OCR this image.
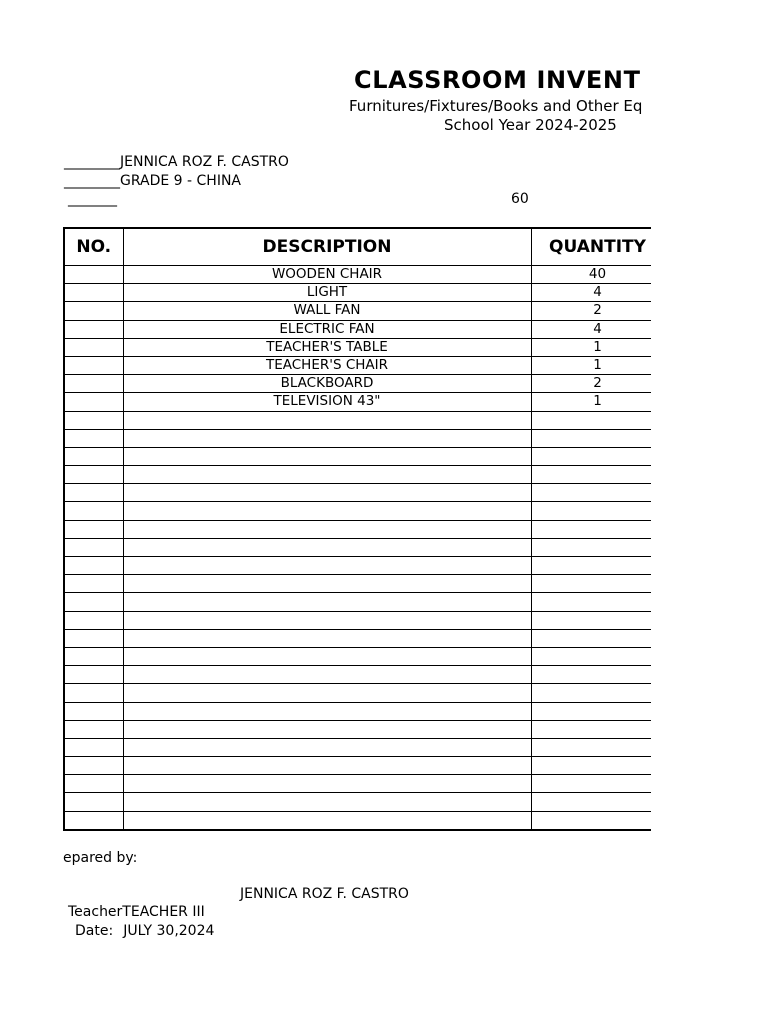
CLASSROOM INVENT
Furnitures/Fixtures/Books and Other Eq
School Year 2024-2025
________JENNICA ROZ F. CASTRO
________GRADE 9 - CHINA
_______	60
NO.	DESCRIPTION	QUANTITY
	WOODEN CHAIR	40
	LIGHT	4
	WALL FAN	2
	ELECTRIC FAN	4
	TEACHER'S TABLE	1
	TEACHER'S CHAIR	1
	BLACKBOARD	2
	TELEVISION 43"	1

epared by:
JENNICA ROZ F. CASTRO
TeacherTEACHER III
Date: JULY 30,2024
